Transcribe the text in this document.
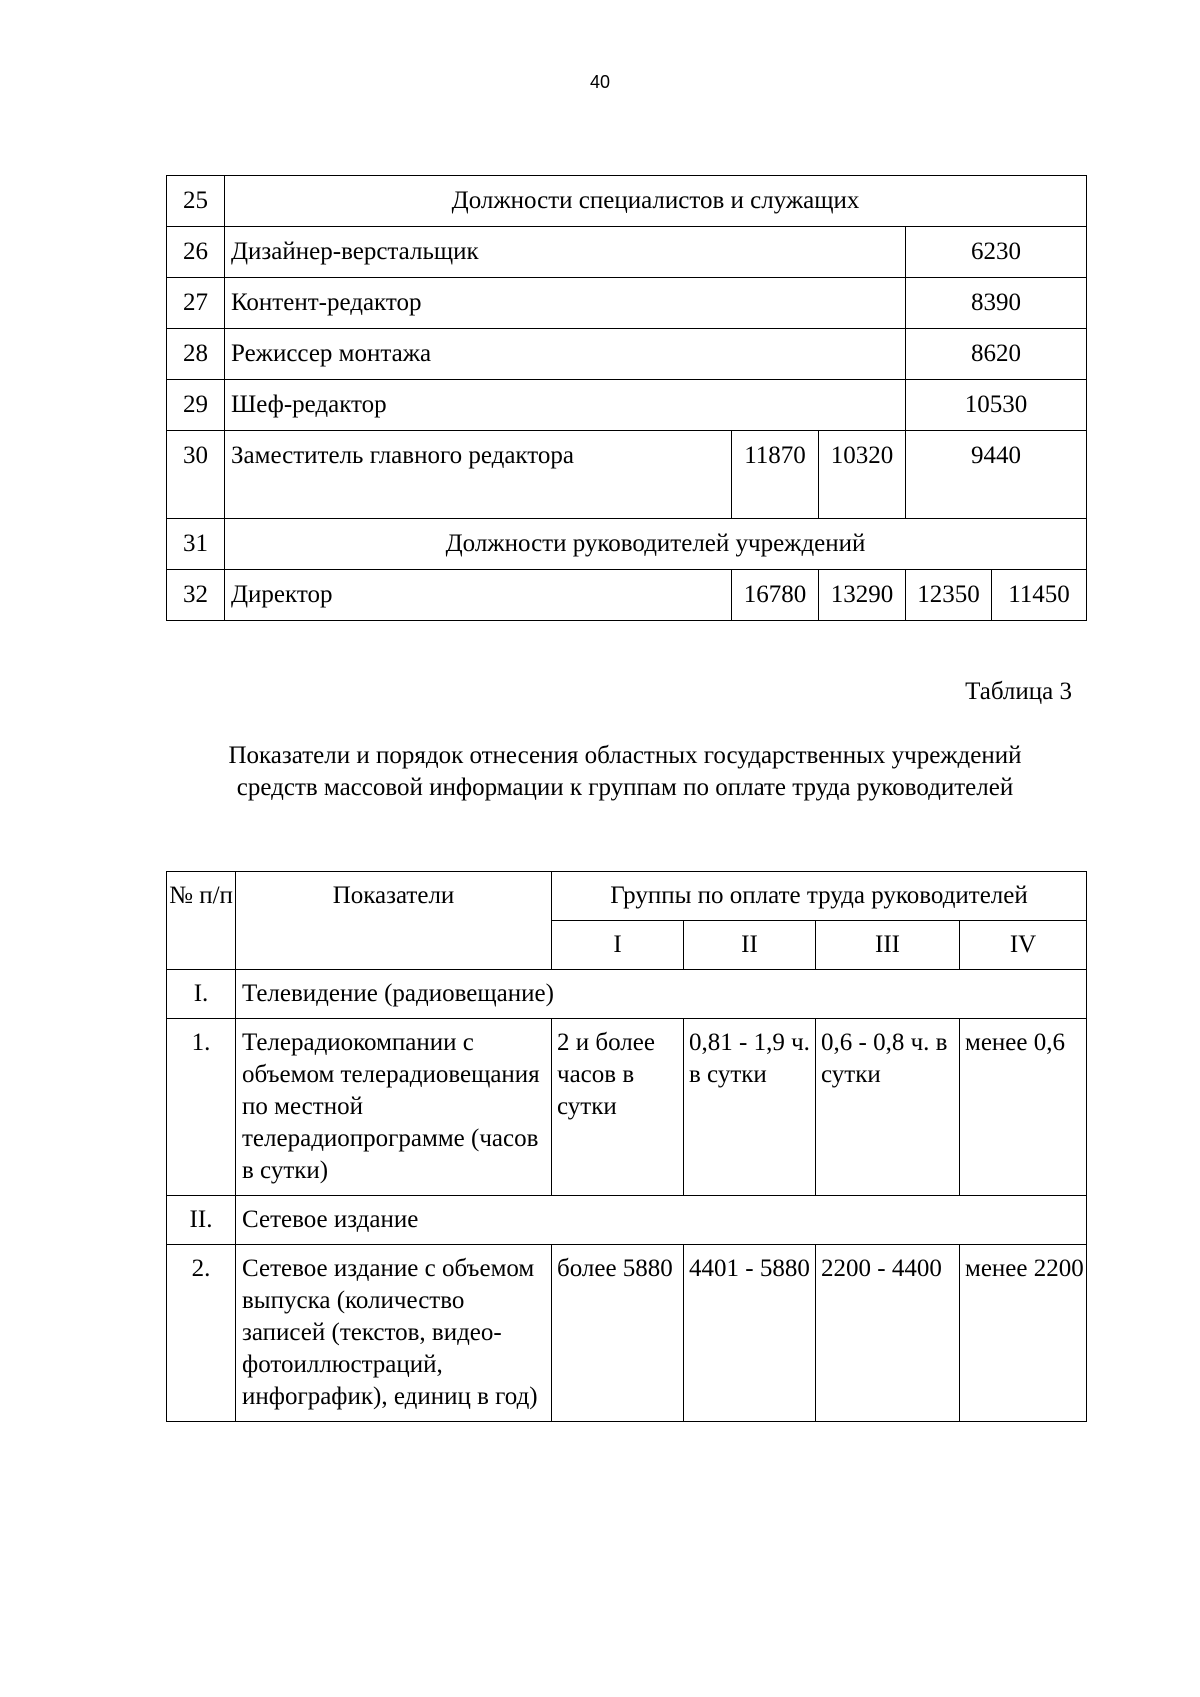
40
25	Должности специалистов и служащих				
26	Дизайнер-верстальщик			6230	
27	Контент-редактор			8390	
28	Режиссер монтажа			8620	
29	Шеф-редактор			10530	
30	Заместитель главного редактора	11870	10320	9440	
31	Должности руководителей учреждений				
32	Директор	16780	13290	12350	11450
Таблица 3
Показатели и порядок отнесения областных государственных учреждений средств массовой информации к группам по оплате труда руководителей
№ п/п	Показатели	Группы по оплате труда руководителей			
		I	II	III	IV
I.	Телевидение (радиовещание)				
1.	Телерадиокомпании с объемом телерадиовещания по местной телерадиопрограмме (часов в сутки)	2 и более часов в сутки	0,81 - 1,9 ч. в сутки	0,6 - 0,8 ч. в сутки	менее 0,6
II.	Сетевое издание				
2.	Сетевое издание с объемом выпуска (количество записей (текстов, видео-фотоиллюстраций, инфографик), единиц в год)	более 5880	4401 - 5880	2200 - 4400	менее 2200
